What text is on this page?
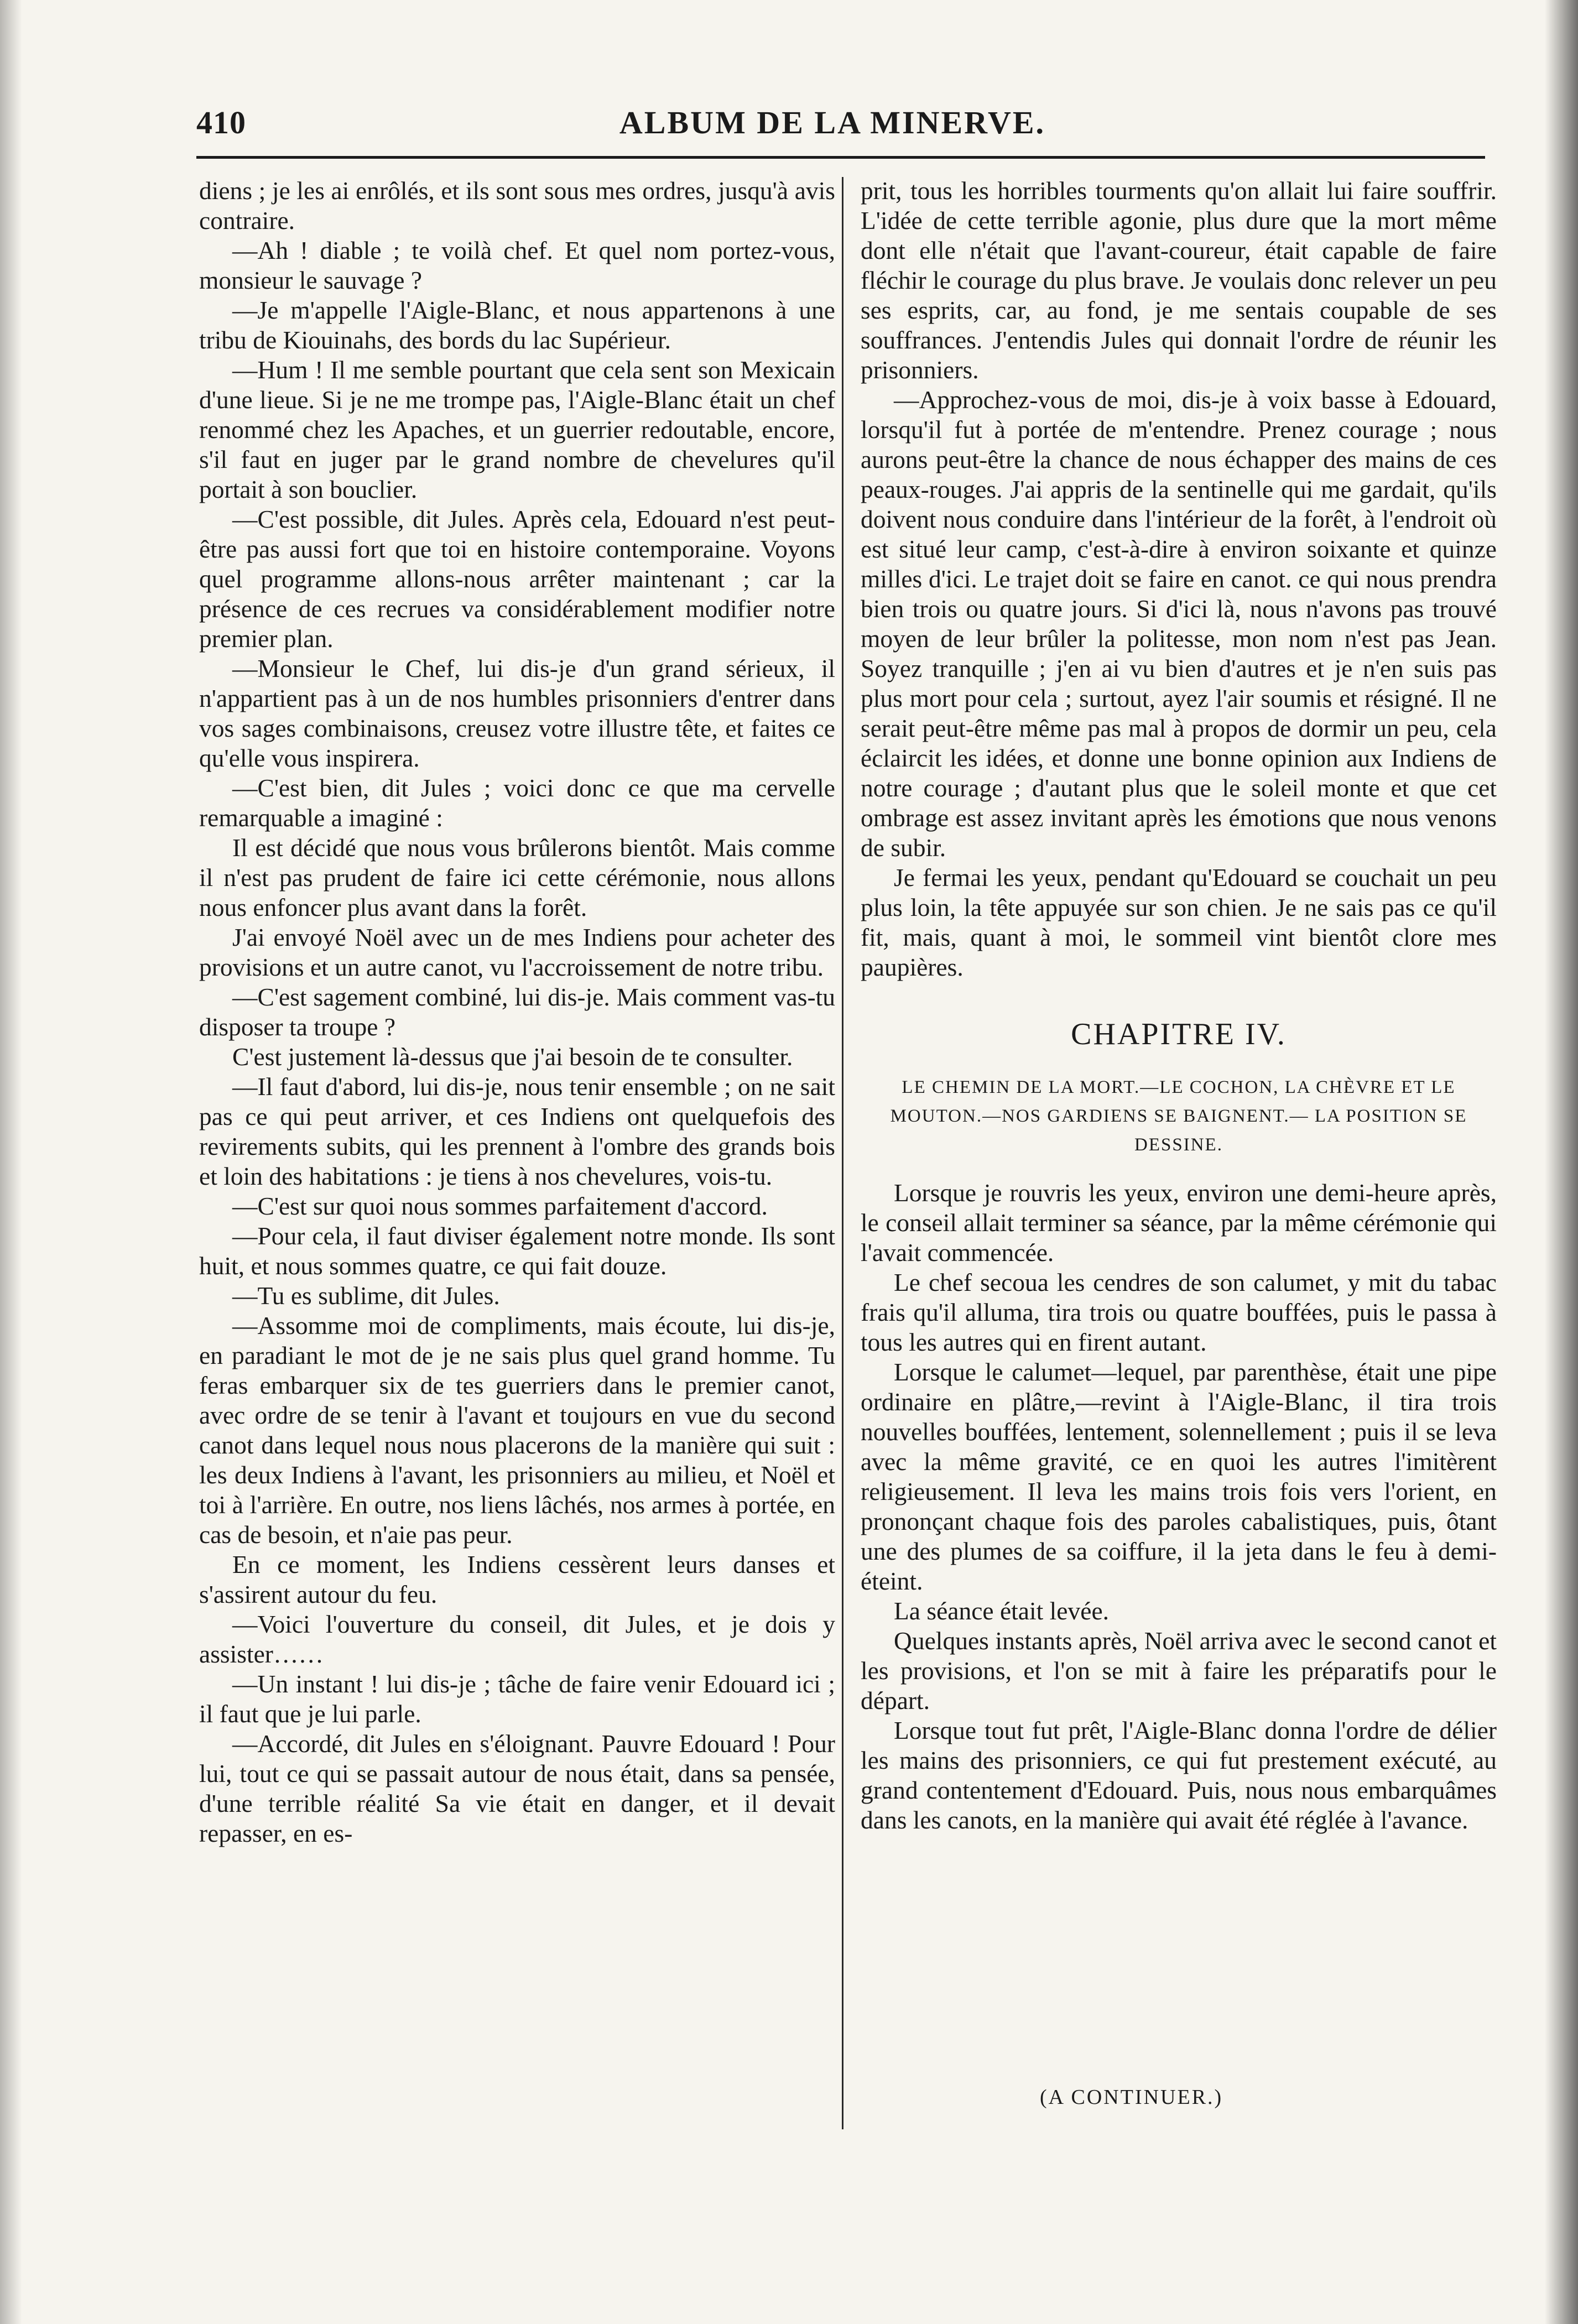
410	ALBUM DE LA MINERVE.

diens ; je les ai enrôlés, et ils sont sous mes ordres, jusqu'à avis contraire.

—Ah ! diable ; te voilà chef. Et quel nom portez-vous, monsieur le sauvage ?

—Je m'appelle l'Aigle-Blanc, et nous appartenons à une tribu de Kiouinahs, des bords du lac Supérieur.

—Hum ! Il me semble pourtant que cela sent son Mexicain d'une lieue. Si je ne me trompe pas, l'Aigle-Blanc était un chef renommé chez les Apaches, et un guerrier redoutable, encore, s'il faut en juger par le grand nombre de chevelures qu'il portait à son bouclier.

—C'est possible, dit Jules. Après cela, Edouard n'est peut-être pas aussi fort que toi en histoire contemporaine. Voyons quel programme allons-nous arrêter maintenant ; car la présence de ces recrues va considérablement modifier notre premier plan.

—Monsieur le Chef, lui dis-je d'un grand sérieux, il n'appartient pas à un de nos humbles prisonniers d'entrer dans vos sages combinaisons, creusez votre illustre tête, et faites ce qu'elle vous inspirera.

—C'est bien, dit Jules ; voici donc ce que ma cervelle remarquable a imaginé :

Il est décidé que nous vous brûlerons bientôt. Mais comme il n'est pas prudent de faire ici cette cérémonie, nous allons nous enfoncer plus avant dans la forêt.

J'ai envoyé Noël avec un de mes Indiens pour acheter des provisions et un autre canot, vu l'accroissement de notre tribu.

—C'est sagement combiné, lui dis-je. Mais comment vas-tu disposer ta troupe ?

C'est justement là-dessus que j'ai besoin de te consulter.

—Il faut d'abord, lui dis-je, nous tenir ensemble ; on ne sait pas ce qui peut arriver, et ces Indiens ont quelquefois des revirements subits, qui les prennent à l'ombre des grands bois et loin des habitations : je tiens à nos chevelures, vois-tu.

—C'est sur quoi nous sommes parfaitement d'accord.

—Pour cela, il faut diviser également notre monde. Ils sont huit, et nous sommes quatre, ce qui fait douze.

—Tu es sublime, dit Jules.

—Assomme moi de compliments, mais écoute, lui dis-je, en paradiant le mot de je ne sais plus quel grand homme. Tu feras embarquer six de tes guerriers dans le premier canot, avec ordre de se tenir à l'avant et toujours en vue du second canot dans lequel nous nous placerons de la manière qui suit : les deux Indiens à l'avant, les prisonniers au milieu, et Noël et toi à l'arrière. En outre, nos liens lâchés, nos armes à portée, en cas de besoin, et n'aie pas peur.

En ce moment, les Indiens cessèrent leurs danses et s'assirent autour du feu.

—Voici l'ouverture du conseil, dit Jules, et je dois y assister……

—Un instant ! lui dis-je ; tâche de faire venir Edouard ici ; il faut que je lui parle.

—Accordé, dit Jules en s'éloignant. Pauvre Edouard ! Pour lui, tout ce qui se passait autour de nous était, dans sa pensée, d'une terrible réalité Sa vie était en danger, et il devait repasser, en es-

prit, tous les horribles tourments qu'on allait lui faire souffrir. L'idée de cette terrible agonie, plus dure que la mort même dont elle n'était que l'avant-coureur, était capable de faire fléchir le courage du plus brave. Je voulais donc relever un peu ses esprits, car, au fond, je me sentais coupable de ses souffrances. J'entendis Jules qui donnait l'ordre de réunir les prisonniers.

—Approchez-vous de moi, dis-je à voix basse à Edouard, lorsqu'il fut à portée de m'entendre. Prenez courage ; nous aurons peut-être la chance de nous échapper des mains de ces peaux-rouges. J'ai appris de la sentinelle qui me gardait, qu'ils doivent nous conduire dans l'intérieur de la forêt, à l'endroit où est situé leur camp, c'est-à-dire à environ soixante et quinze milles d'ici. Le trajet doit se faire en canot. ce qui nous prendra bien trois ou quatre jours. Si d'ici là, nous n'avons pas trouvé moyen de leur brûler la politesse, mon nom n'est pas Jean. Soyez tranquille ; j'en ai vu bien d'autres et je n'en suis pas plus mort pour cela ; surtout, ayez l'air soumis et résigné. Il ne serait peut-être même pas mal à propos de dormir un peu, cela éclaircit les idées, et donne une bonne opinion aux Indiens de notre courage ; d'autant plus que le soleil monte et que cet ombrage est assez invitant après les émotions que nous venons de subir.

Je fermai les yeux, pendant qu'Edouard se couchait un peu plus loin, la tête appuyée sur son chien. Je ne sais pas ce qu'il fit, mais, quant à moi, le sommeil vint bientôt clore mes paupières.

CHAPITRE IV.
LE CHEMIN DE LA MORT.—LE COCHON, LA CHÈVRE ET LE MOUTON.—NOS GARDIENS SE BAIGNENT.— LA POSITION SE DESSINE.

Lorsque je rouvris les yeux, environ une demi-heure après, le conseil allait terminer sa séance, par la même cérémonie qui l'avait commencée.

Le chef secoua les cendres de son calumet, y mit du tabac frais qu'il alluma, tira trois ou quatre bouffées, puis le passa à tous les autres qui en firent autant.

Lorsque le calumet—lequel, par parenthèse, était une pipe ordinaire en plâtre,—revint à l'Aigle-Blanc, il tira trois nouvelles bouffées, lentement, solennellement ; puis il se leva avec la même gravité, ce en quoi les autres l'imitèrent religieusement. Il leva les mains trois fois vers l'orient, en prononçant chaque fois des paroles cabalistiques, puis, ôtant une des plumes de sa coiffure, il la jeta dans le feu à demi-éteint.

La séance était levée.

Quelques instants après, Noël arriva avec le second canot et les provisions, et l'on se mit à faire les préparatifs pour le départ.

Lorsque tout fut prêt, l'Aigle-Blanc donna l'ordre de délier les mains des prisonniers, ce qui fut prestement exécuté, au grand contentement d'Edouard. Puis, nous nous embarquâmes dans les canots, en la manière qui avait été réglée à l'avance.

(A CONTINUER.)
